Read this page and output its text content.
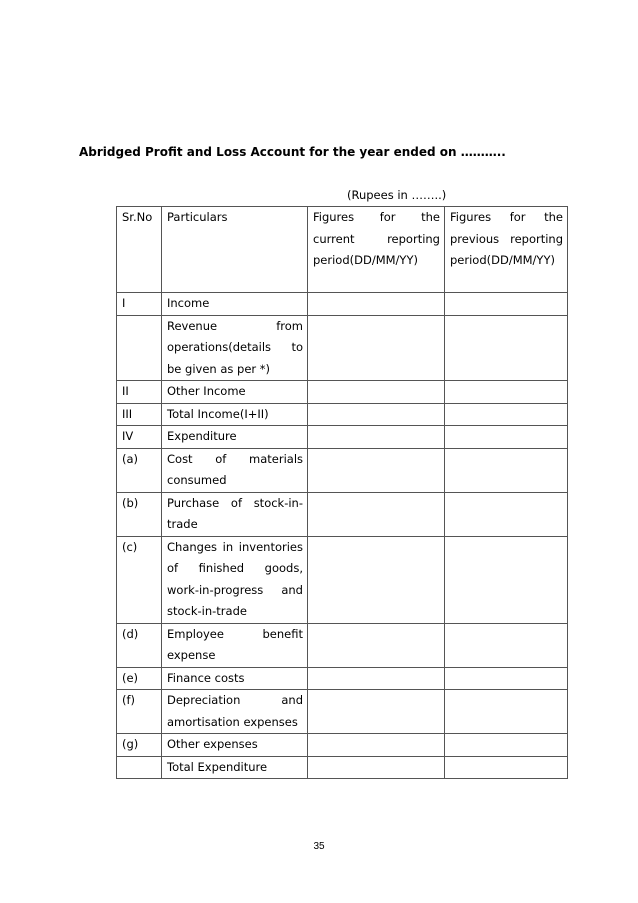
Abridged Profit and Loss Account for the year ended on ………..
(Rupees in ……..)
Sr.No	Particulars	Figures for the current reporting period(DD/MM/YY)	Figures for the previous reporting period(DD/MM/YY)
I	Income		
	Revenue from operations(details to be given as per *)		
II	Other Income		
III	Total Income(I+II)		
IV	Expenditure		
(a)	Cost of materials consumed		
(b)	Purchase of stock-in-trade		
(c)	Changes in inventories of finished goods, work-in-progress and stock-in-trade		
(d)	Employee benefit expense		
(e)	Finance costs		
(f)	Depreciation and amortisation expenses		
(g)	Other expenses		
	Total Expenditure		
35
